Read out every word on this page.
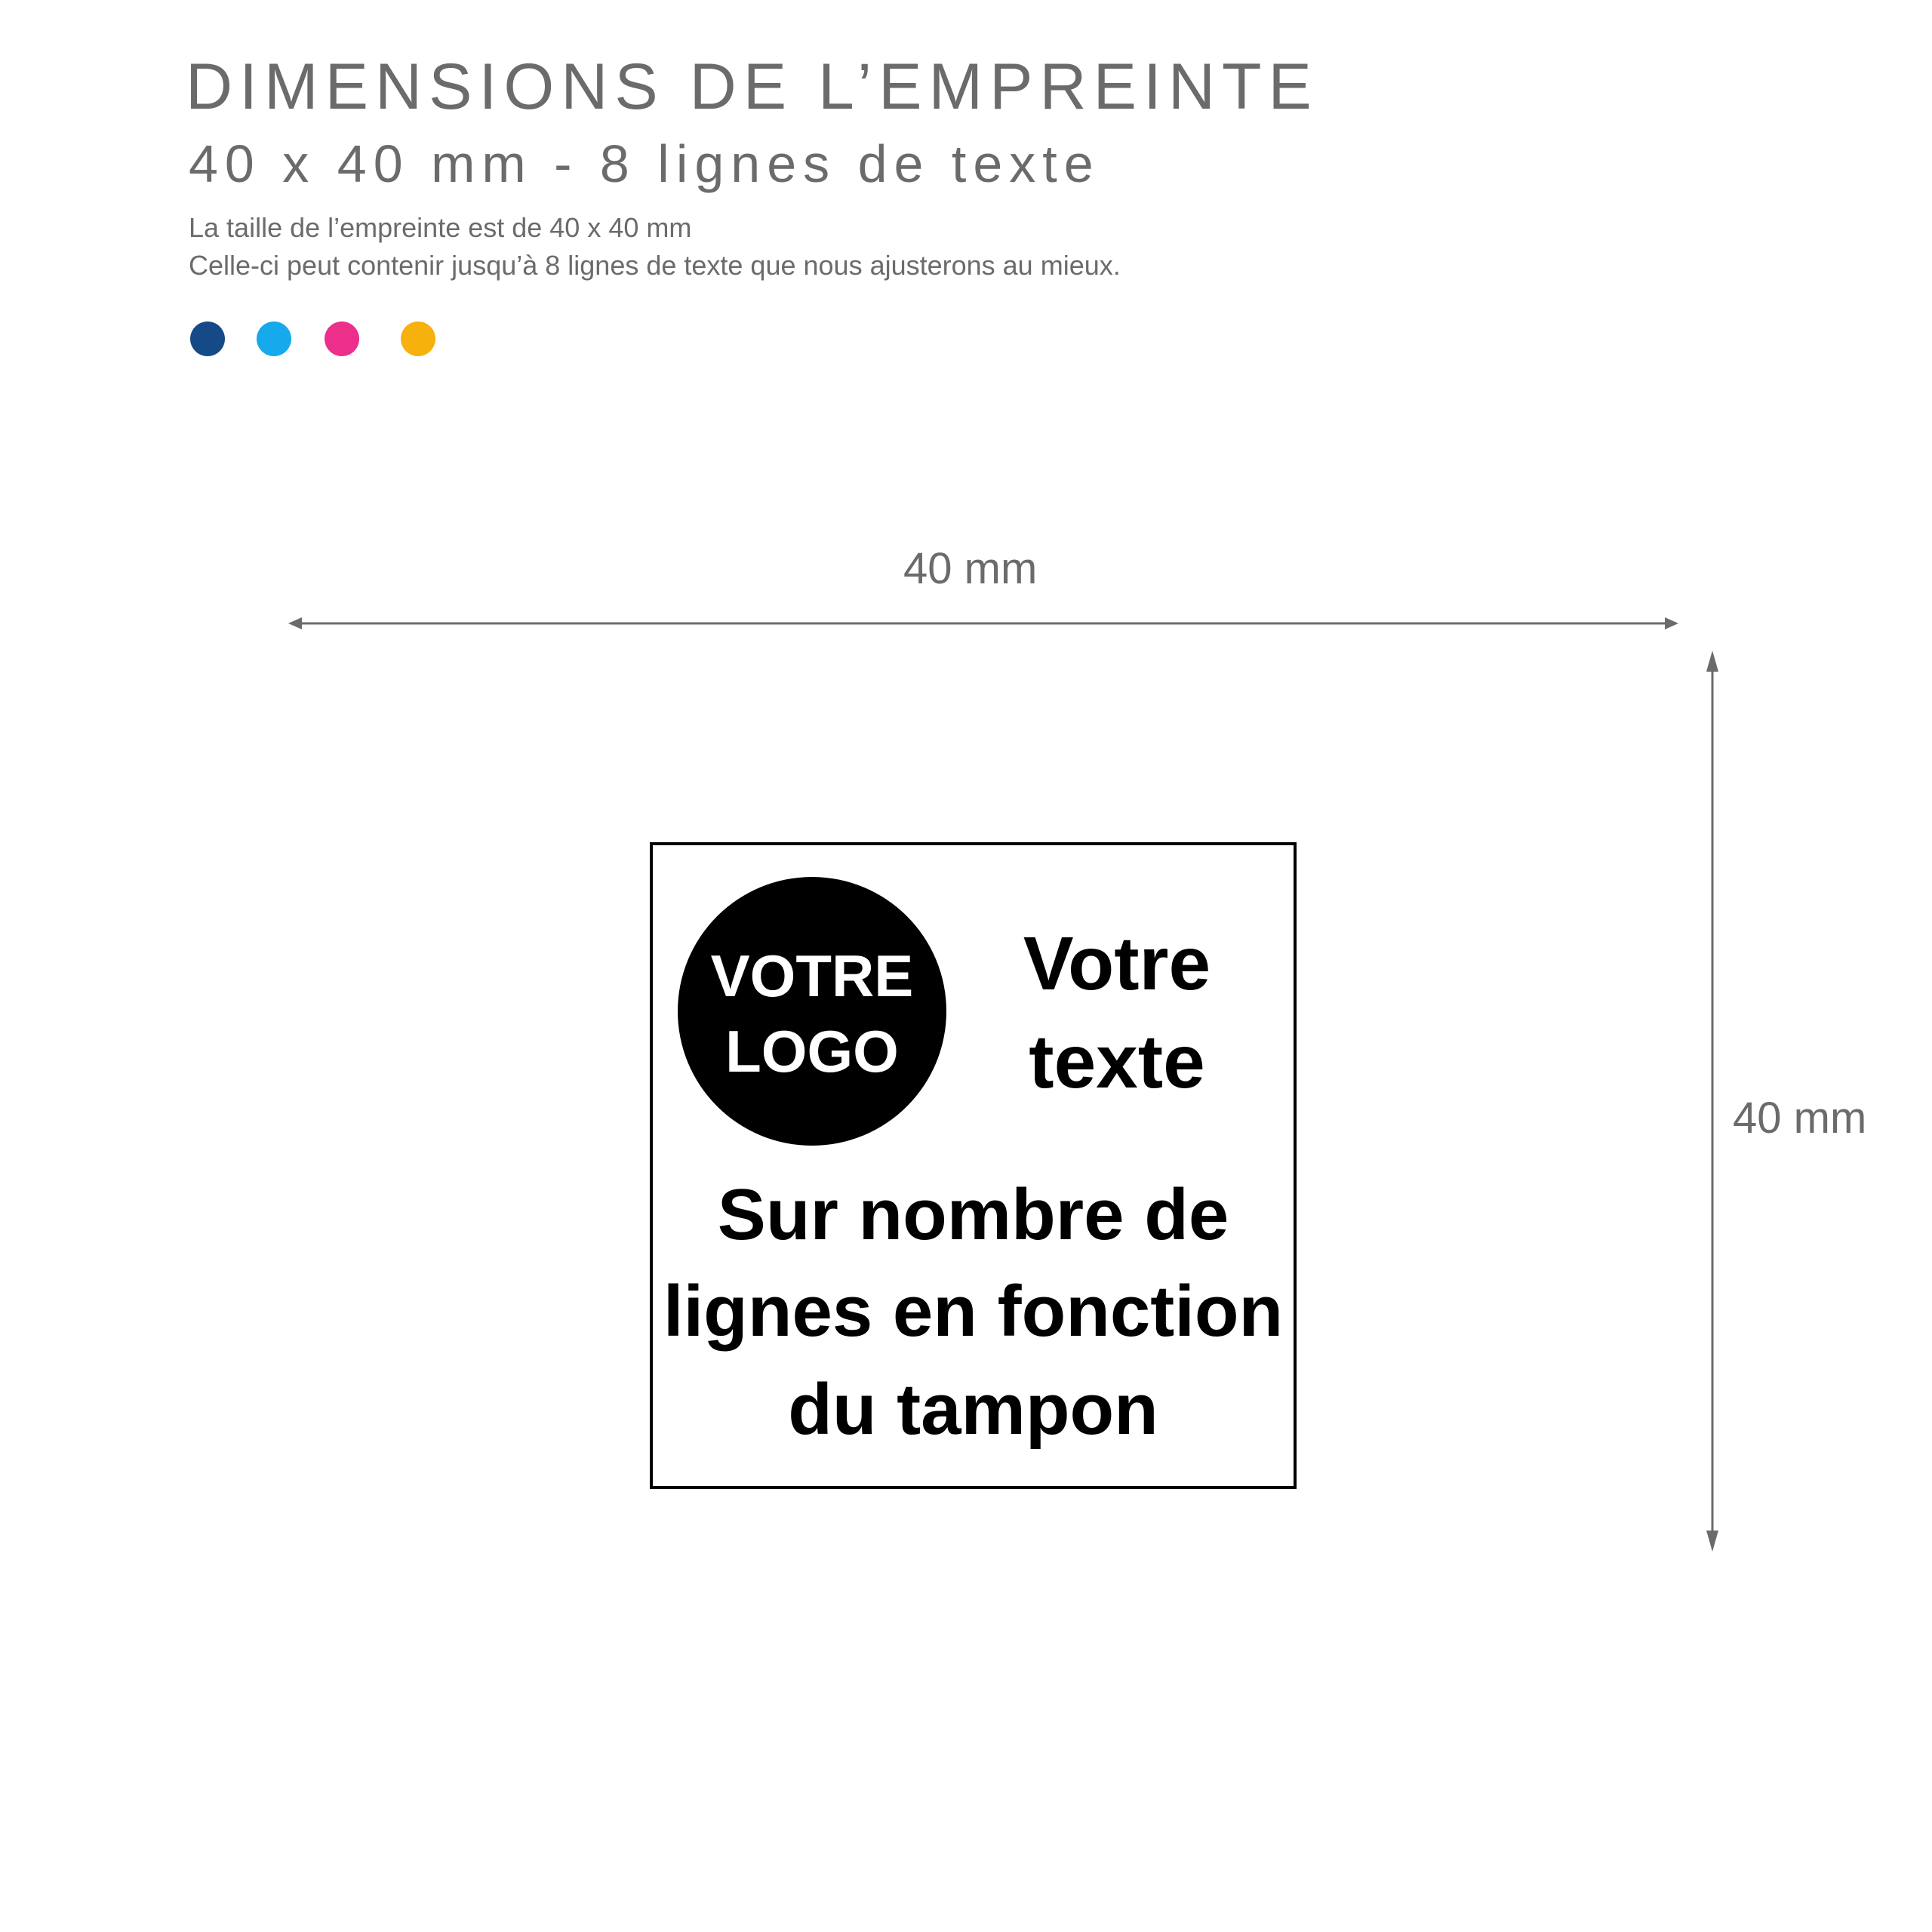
DIMENSIONS DE L’EMPREINTE
40 x 40 mm - 8 lignes de texte
La taille de l’empreinte est de 40 x 40 mm
Celle-ci peut contenir jusqu’à 8 lignes de texte que nous ajusterons au mieux.
40 mm
40 mm
VOTRE
LOGO
Votre
texte
Sur nombre de
lignes en fonction
du tampon
